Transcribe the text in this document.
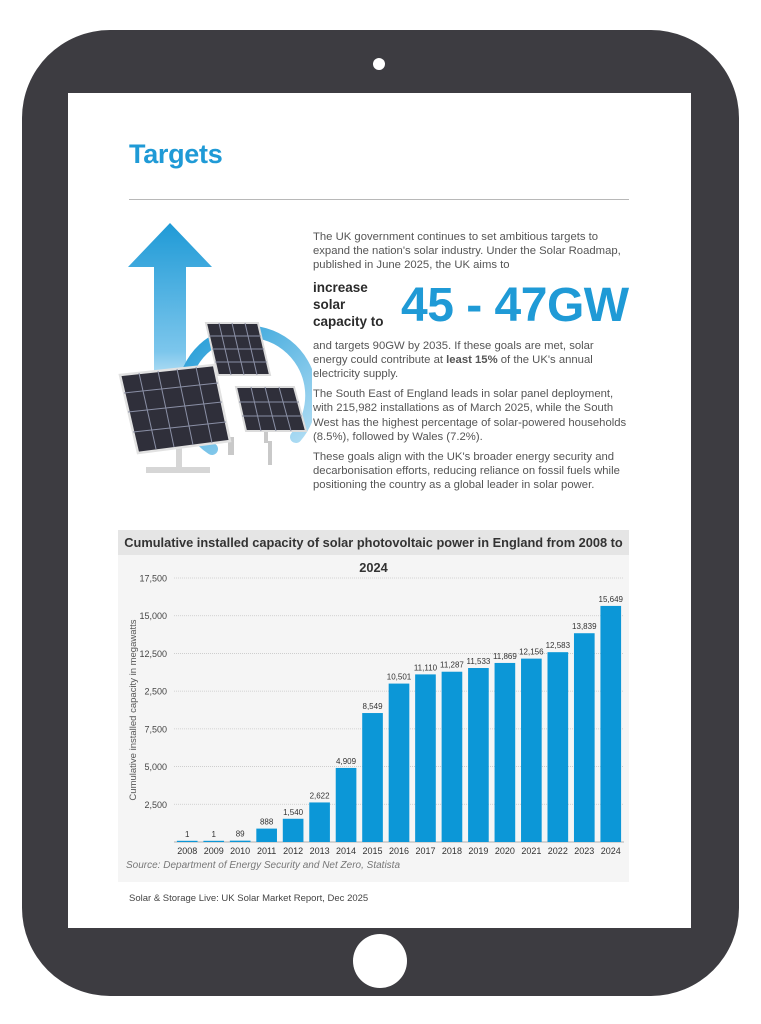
Targets

The UK government continues to set ambitious targets to expand the nation's solar industry. Under the Solar Roadmap, published in June 2025, the UK aims to

increase solar capacity to 45 - 47GW

and targets 90GW by 2035. If these goals are met, solar energy could contribute at least 15% of the UK's annual electricity supply.

The South East of England leads in solar panel deployment, with 215,982 installations as of March 2025, while the South West has the highest percentage of solar-powered households (8.5%), followed by Wales (7.2%).

These goals align with the UK's broader energy security and decarbonisation efforts, reducing reliance on fossil fuels while positioning the country as a global leader in solar power.

Cumulative installed capacity of solar photovoltaic power in England from 2008 to 2024
2,500
5,000
7,500
2,500
12,500
15,000
17,500
Cumulative installed capacity in megawatts
1
2008
1
2009
89
2010
888
2011
1,540
2012
2,622
2013
4,909
2014
8,549
2015
10,501
2016
11,110
2017
11,287
2018
11,533
2019
11,869
2020
12,156
2021
12,583
2022
13,839
2023
15,649
2024
Source: Department of Energy Security and Net Zero, Statista
Solar & Storage Live: UK Solar Market Report, Dec 2025
